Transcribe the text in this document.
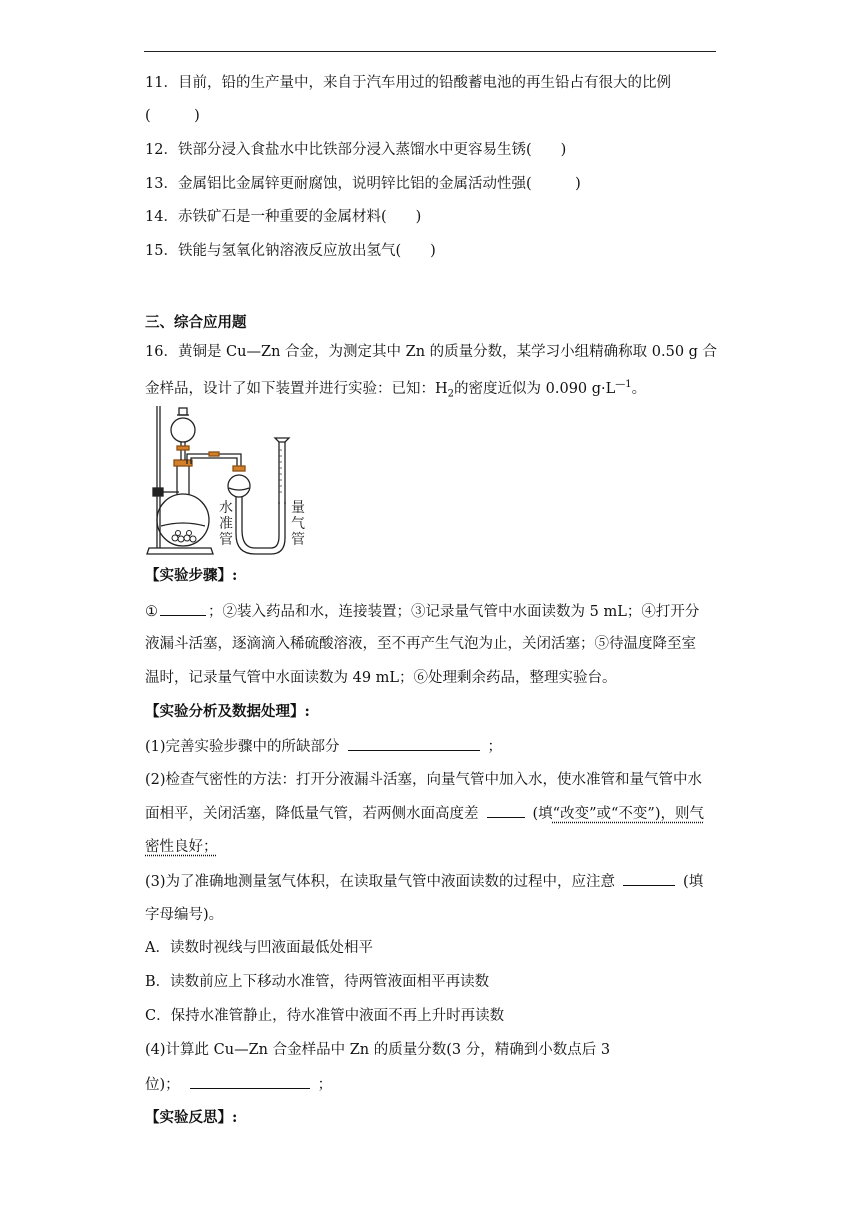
11．目前，铅的生产量中，来自于汽车用过的铅酸蓄电池的再生铅占有很大的比例
(　　　)
12．铁部分浸入食盐水中比铁部分浸入蒸馏水中更容易生锈(　　)
13．金属铝比金属锌更耐腐蚀，说明锌比铝的金属活动性强(　　　)
14．赤铁矿石是一种重要的金属材料(　　)
15．铁能与氢氧化钠溶液反应放出氢气(　　)
三、综合应用题
16．黄铜是 Cu—Zn 合金，为测定其中 Zn 的质量分数，某学习小组精确称取 0.50 g 合
金样品，设计了如下装置并进行实验：已知：$H_2$的密度近似为 0.090 $g\cdot L^{—1}$。
水
准
管
量
气
管
【实验步骤】:
①	；②装入药品和水，连接装置；③记录量气管中水面读数为 5 mL；④打开分
液漏斗活塞，逐滴滴入稀硫酸溶液，至不再产生气泡为止，关闭活塞；⑤待温度降至室
温时，记录量气管中水面读数为 49 mL；⑥处理剩余药品，整理实验台。
【实验分析及数据处理】:
(1)完善实验步骤中的所缺部分	；
(2)检查气密性的方法：打开分液漏斗活塞，向量气管中加入水，使水准管和量气管中水
面相平，关闭活塞，降低量气管，若两侧水面高度差	(填“改变”或“不变”)，则气
密性良好；
(3)为了准确地测量氢气体积，在读取量气管中液面读数的过程中，应注意	(填
字母编号)。
A．读数时视线与凹液面最低处相平
B．读数前应上下移动水准管，待两管液面相平再读数
C．保持水准管静止，待水准管中液面不再上升时再读数
(4)计算此 Cu—Zn 合金样品中 Zn 的质量分数(3 分，精确到小数点后 3
位)；	；
【实验反思】:
